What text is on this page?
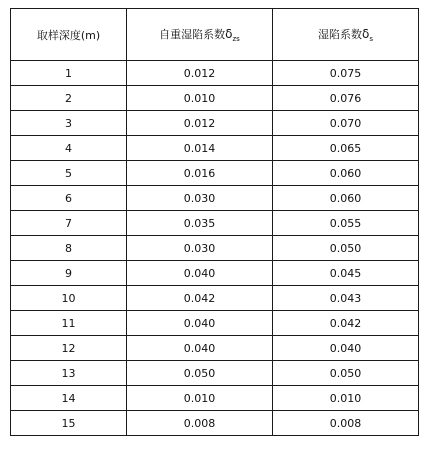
取样深度(m)	自重湿陷系数$\delta_{zs}$	湿陷系数$\delta_s$
1	0.012	0.075
2	0.010	0.076
3	0.012	0.070
4	0.014	0.065
5	0.016	0.060
6	0.030	0.060
7	0.035	0.055
8	0.030	0.050
9	0.040	0.045
10	0.042	0.043
11	0.040	0.042
12	0.040	0.040
13	0.050	0.050
14	0.010	0.010
15	0.008	0.008
